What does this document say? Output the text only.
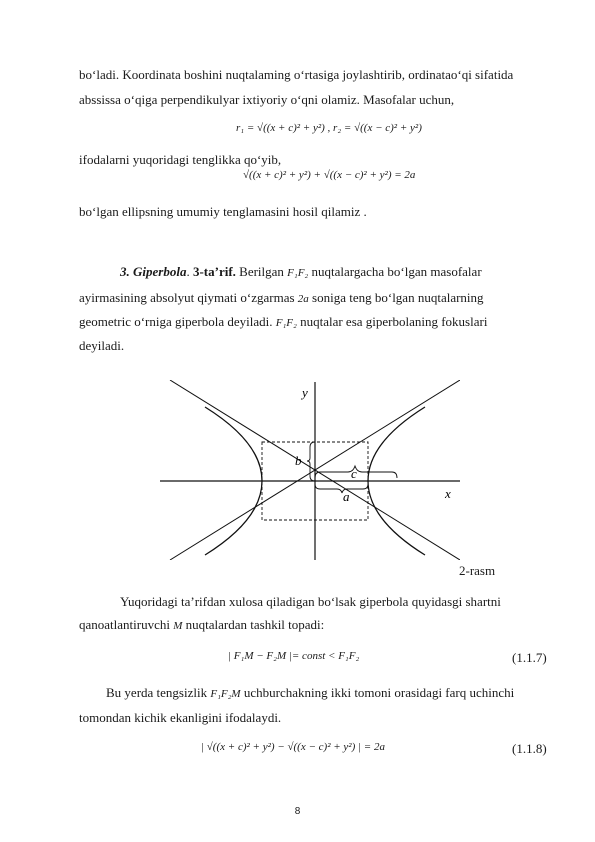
bo‘ladi. Koordinata boshini nuqtalaming o‘rtasiga joylashtirib, ordinatao‘qi sifatida
abssissa o‘qiga perpendikulyar ixtiyoriy o‘qni olamiz. Masofalar uchun,
r₁ = √((x + c)² + y²) , r₂ = √((x − c)² + y²)
ifodalarni yuqoridagi tenglikka qo‘yib,
√((x + c)² + y²) + √((x − c)² + y²) = 2a
bo‘lgan ellipsning umumiy tenglamasini hosil qilamiz .
3. Giperbola. 3-ta’rif. Berilgan F₁F₂ nuqtalargacha bo‘lgan masofalar
ayirmasining absolyut qiymati o‘zgarmas 2a soniga teng bo‘lgan nuqtalarning
geometric o‘rniga giperbola deyiladi. F₁F₂ nuqtalar esa giperbolaning fokuslari
deyiladi.
y
x
b
c
a
2-rasm
Yuqoridagi ta’rifdan xulosa qiladigan bo‘lsak giperbola quyidasgi shartni
qanoatlantiruvchi M nuqtalardan tashkil topadi:
| F₁M − F₂M |= const < F₁F₂	(1.1.7)
Bu yerda tengsizlik F₁F₂M uchburchakning ikki tomoni orasidagi farq uchinchi
tomondan kichik ekanligini ifodalaydi.
| √((x + c)² + y²) − √((x − c)² + y²) | = 2a	(1.1.8)
8
